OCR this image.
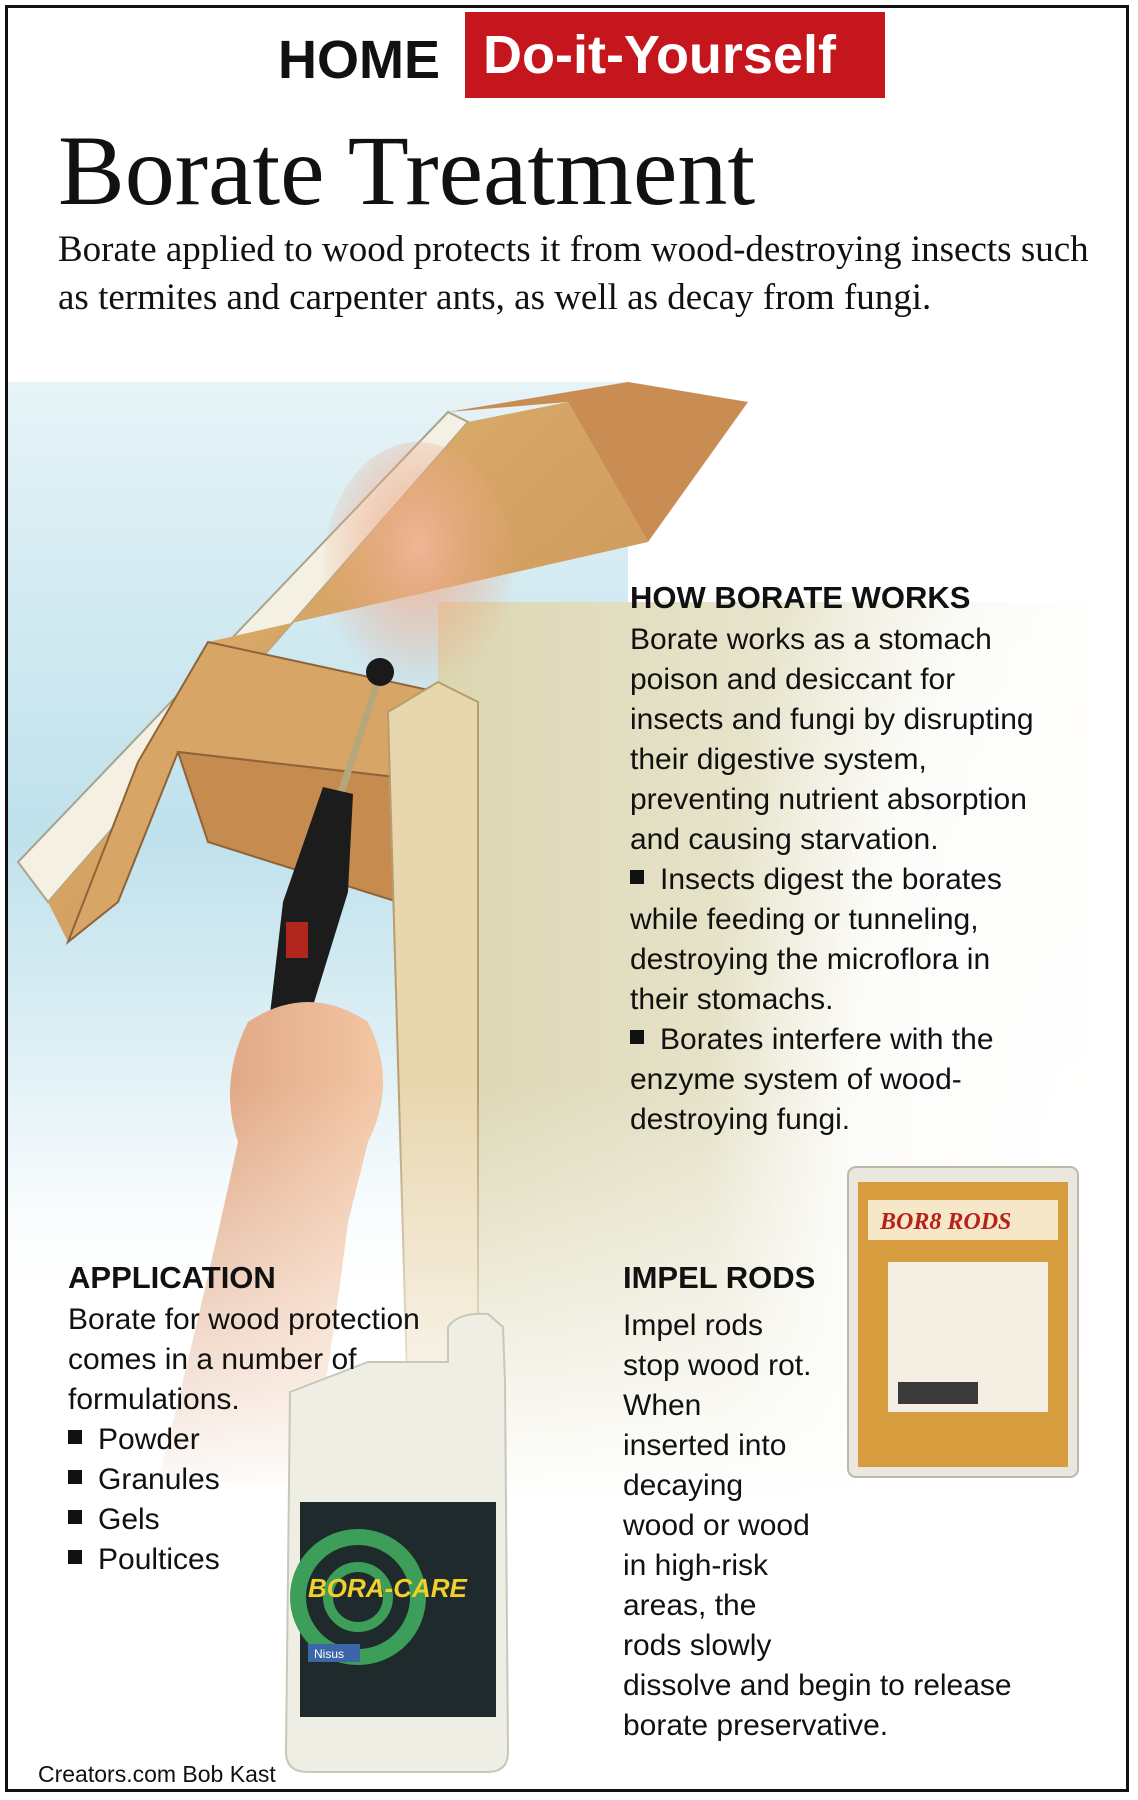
HOME Do-it-Yourself
Borate Treatment
Borate applied to wood protects it from wood-destroying insects such as termites and carpenter ants, as well as decay from fungi.
BORA-CARE
Nisus
BOR8 RODS
HOW BORATE WORKS

Borate works as a stomach

poison and desiccant for

insects and fungi by disrupting

their digestive system,

preventing nutrient absorption

and causing starvation.

Insects digest the borates

while feeding or tunneling,

destroying the microflora in

their stomachs.

Borates interfere with the

enzyme system of wood-

destroying fungi.

APPLICATION

Borate for wood protection

comes in a number of

formulations.

Powder
Granules
Gels
Poultices
IMPEL RODS
Impel rods
stop wood rot.
When
inserted into
decaying
wood or wood
in high-risk
areas, the
rods slowly
dissolve and begin to release
borate preservative.
Creators.com Bob Kast
